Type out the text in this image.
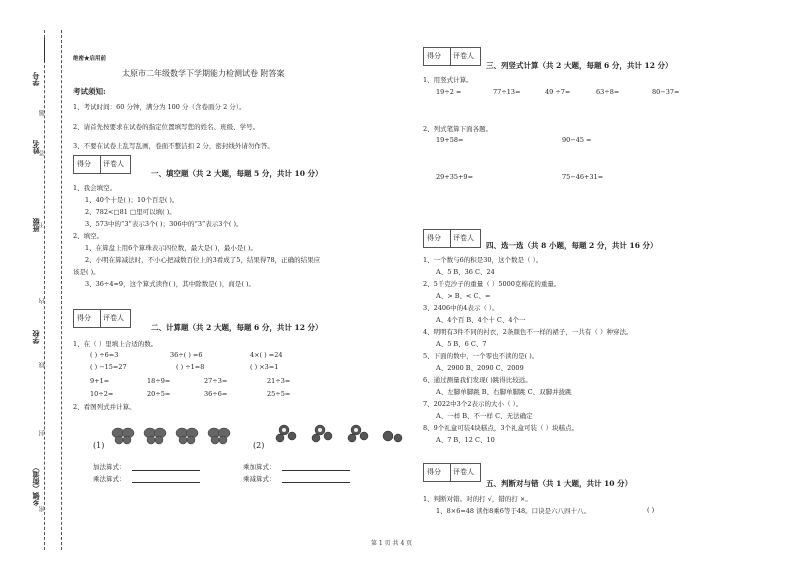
学号
姓名
班级
学校
乡镇（街道）
题
答
不
内
线
封
密
绝密★启用前
太原市二年级数学下学期能力检测试卷 附答案
考试须知:
1、考试时间：60 分钟，满分为 100 分（含卷面分 2 分）。
2、请首先按要求在试卷的指定位置填写您的姓名、班级、学号。
3、不要在试卷上乱写乱画，卷面不整洁扣 2 分，密封线外请勿作答。
得分 评卷人
一、填空题（共 2 大题，每题 5 分，共计 10 分）
1、我会填空。
1、40个十是( )；10个百是( )。
2、782<□81 □里可以填( )。
3、573中的“3”表示3个( )；306中的“3”表示3个( )。
2、填空。
1、在算盘上用6个算珠表示四位数，最大是( )，最小是( )。
2、小明在算减法时，不小心把减数百位上的3看成了5，结果得78，正确的结果应
该是( )。
3、36÷4=9，这个算式读作( )，其中除数是( )，商是( )。
得分 评卷人
二、计算题（共 2 大题，每题 6 分，共计 12 分）
1、在（ ）里填上合适的数。
( ) ÷6=3	36÷( ) =6	4×( ) =24
( ) −15=27	( ) ÷1=8	( ) ×3=1
9+1=	18÷9=	27÷3=	21÷3=
10÷2=	20÷5=	36÷6=	25÷5=
2、看图列式并计算。
(1)	(2)
加法算式：
乘法算式：
乘加算式：
乘减算式：
得分 评卷人
三、列竖式计算（共 2 大题，每题 6 分，共计 12 分）
1、用竖式计算。
19÷2 =	77÷13=	49 ÷7=	63÷8=	80−37=
2、列式笔算下面各题。
19+58=	90−45 =
29+35+9=	75−46+31=
得分 评卷人
四、选一选（共 8 小题，每题 2 分，共计 16 分）
1、一个数与6的积是30，这个数是（ ）。
A、5 B、36 C、24
2、5千克沙子的重量（ ）5000克棉花的重量。
A、> B、< C、=
3、2406中的4表示（ ）。
A、4个百 B、4个十 C、4个一
4、明明有3件不同的衬衣，2条颜色不一样的裙子，一共有（ ）种穿法。
A、5 B、6 C、7
5、下面的数中，一个零也不读的是( )。
A、2900 B、2090 C、2009
6、通过测量我们发现( )跳得比较远。
A、左脚单脚跳 B、右脚单脚跳 C、双脚并拢跳
7、2022中3个2表示的大小（ ）。
A、一样 B、不一样 C、无法确定
8、9个礼盒可装4块糕点，3个礼盒可装（ ）块糕点。
A、7 B、12 C、10
得分 评卷人
五、判断对与错（共 1 大题，共计 10 分）
1、判断对错。对的打 √，错的打 ×。
1、8×6=48 读作8乘6等于48。口诀是六八四十八。	( )
第 1 页 共 4 页
